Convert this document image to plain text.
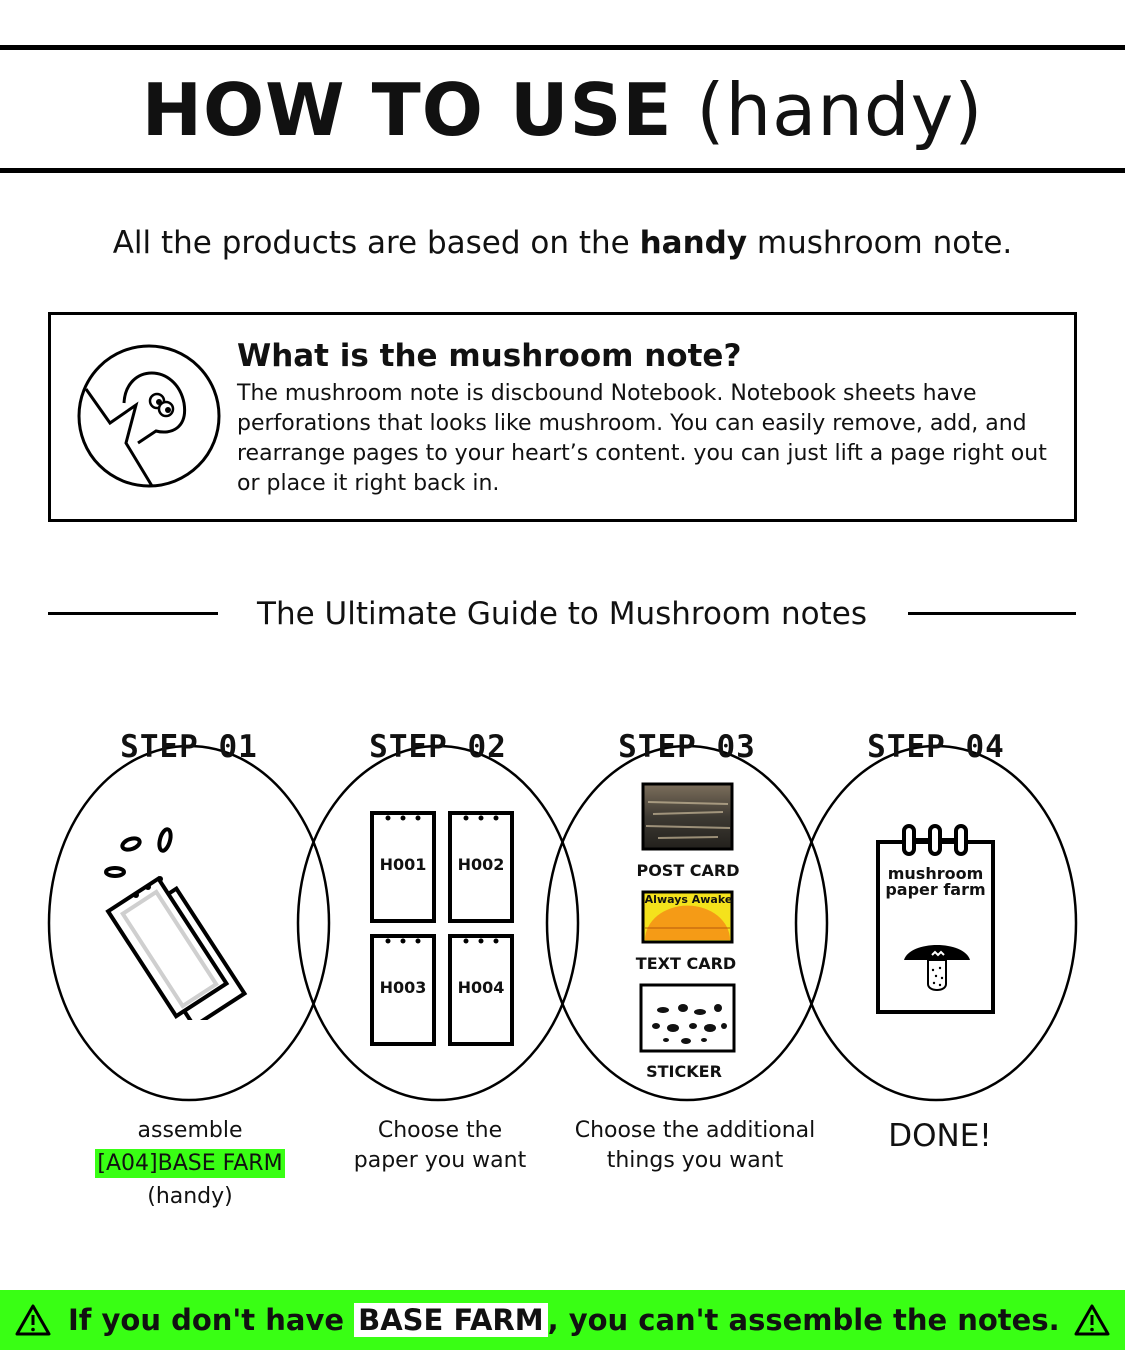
HOW TO USE (handy)
All the products are based on the handy mushroom note.
What is the mushroom note?
The mushroom note is discbound Notebook. Notebook sheets have perforations that looks like mushroom. You can easily remove, add, and rearrange pages to your heart’s content. you can just lift a page right out or place it right back in.
The Ultimate Guide to Mushroom notes
STEP 01	STEP 02	STEP 03	STEP 04
H001	H002
H003	H004
Always Awake
POST CARD
TEXT CARD
STICKER
mushroom
paper farm
assemble
[A04]BASE FARM
(handy)
Choose the
paper you want
Choose the additional
things you want
DONE!
If you don't have BASE FARM , you can't assemble the notes.
